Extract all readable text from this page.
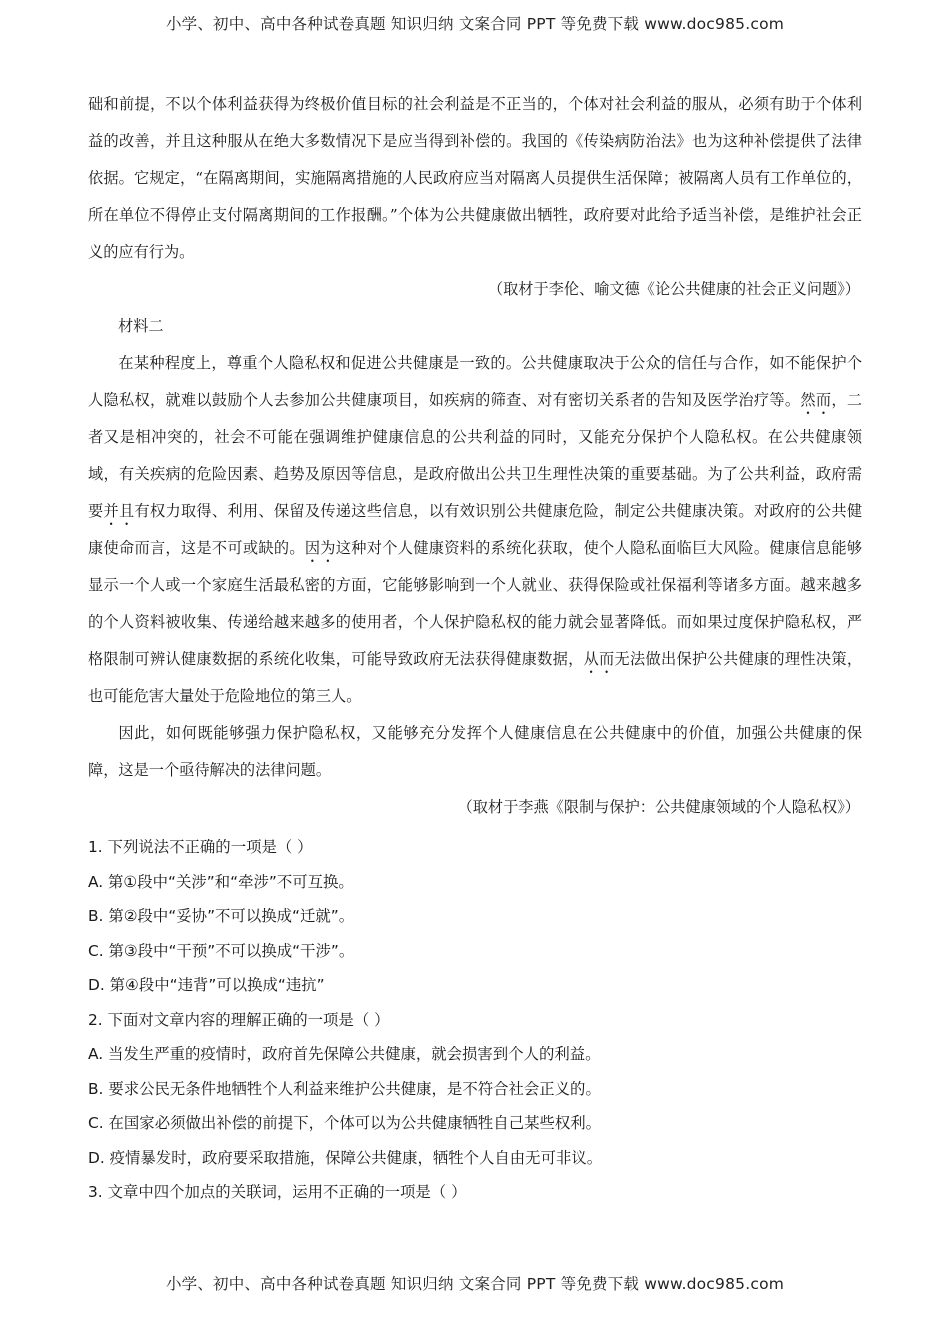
小学、初中、高中各种试卷真题 知识归纳 文案合同 PPT 等免费下载 www.doc985.com

础和前提，不以个体利益获得为终极价值目标的社会利益是不正当的，个体对社会利益的服从，必须有助于个体利益的改善，并且这种服从在绝大多数情况下是应当得到补偿的。我国的《传染病防治法》也为这种补偿提供了法律依据。它规定，“在隔离期间，实施隔离措施的人民政府应当对隔离人员提供生活保障；被隔离人员有工作单位的，所在单位不得停止支付隔离期间的工作报酬。”个体为公共健康做出牺牲，政府要对此给予适当补偿，是维护社会正义的应有行为。

（取材于李伦、喻文德《论公共健康的社会正义问题》）

材料二

在某种程度上，尊重个人隐私权和促进公共健康是一致的。公共健康取决于公众的信任与合作，如不能保护个人隐私权，就难以鼓励个人去参加公共健康项目，如疾病的筛查、对有密切关系者的告知及医学治疗等。然而，二者又是相冲突的，社会不可能在强调维护健康信息的公共利益的同时，又能充分保护个人隐私权。在公共健康领域，有关疾病的危险因素、趋势及原因等信息，是政府做出公共卫生理性决策的重要基础。为了公共利益，政府需要并且有权力取得、利用、保留及传递这些信息，以有效识别公共健康危险，制定公共健康决策。对政府的公共健康使命而言，这是不可或缺的。因为这种对个人健康资料的系统化获取，使个人隐私面临巨大风险。健康信息能够显示一个人或一个家庭生活最私密的方面，它能够影响到一个人就业、获得保险或社保福利等诸多方面。越来越多的个人资料被收集、传递给越来越多的使用者，个人保护隐私权的能力就会显著降低。而如果过度保护隐私权，严格限制可辨认健康数据的系统化收集，可能导致政府无法获得健康数据，从而无法做出保护公共健康的理性决策，也可能危害大量处于危险地位的第三人。

因此，如何既能够强力保护隐私权，又能够充分发挥个人健康信息在公共健康中的价值，加强公共健康的保障，这是一个亟待解决的法律问题。

（取材于李燕《限制与保护：公共健康领域的个人隐私权》）

1. 下列说法不正确的一项是（ ）

A. 第①段中“关涉”和“牵涉”不可互换。

B. 第②段中“妥协”不可以换成“迁就”。

C. 第③段中“干预”不可以换成“干涉”。

D. 第④段中“违背”可以换成“违抗”

2. 下面对文章内容的理解正确的一项是（ ）

A. 当发生严重的疫情时，政府首先保障公共健康，就会损害到个人的利益。

B. 要求公民无条件地牺牲个人利益来维护公共健康，是不符合社会正义的。

C. 在国家必须做出补偿的前提下，个体可以为公共健康牺牲自己某些权利。

D. 疫情暴发时，政府要采取措施，保障公共健康，牺牲个人自由无可非议。

3. 文章中四个加点的关联词，运用不正确的一项是（ ）

小学、初中、高中各种试卷真题 知识归纳 文案合同 PPT 等免费下载 www.doc985.com
